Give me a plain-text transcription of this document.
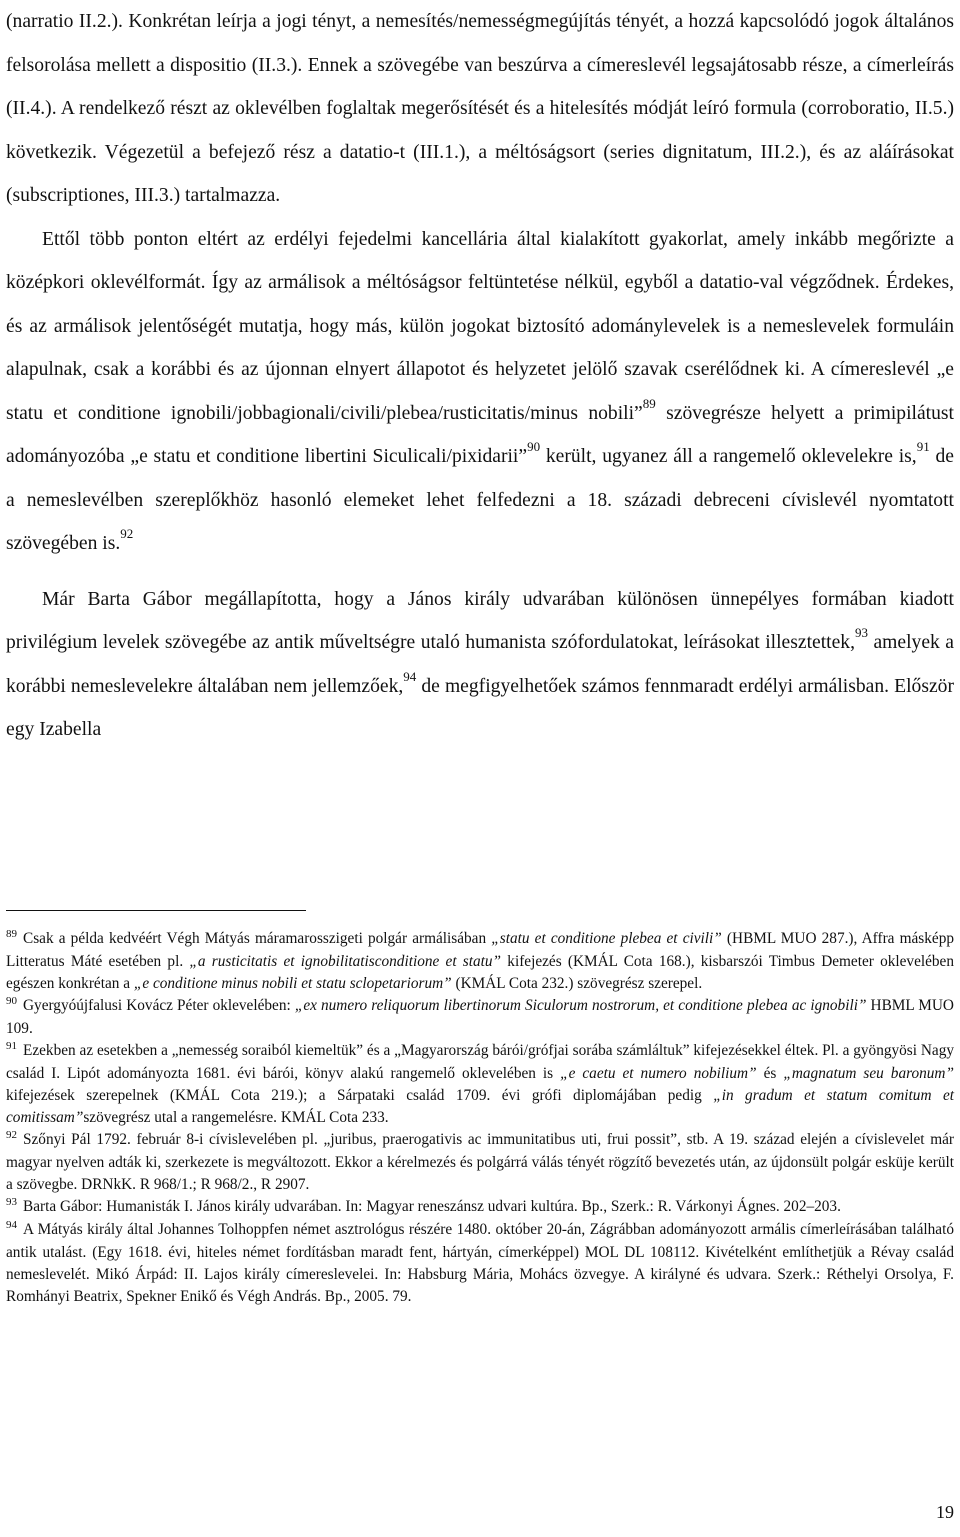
(narratio II.2.). Konkrétan leírja a jogi tényt, a nemesítés/nemességmegújítás tényét, a hozzá kapcsolódó jogok általános felsorolása mellett a dispositio (II.3.). Ennek a szövegébe van beszúrva a címereslevél legsajátosabb része, a címerleírás (II.4.). A rendelkező részt az oklevélben foglaltak megerősítését és a hitelesítés módját leíró formula (corroboratio, II.5.) következik. Végezetül a befejező rész a datatio-t (III.1.), a méltóságsort (series dignitatum, III.2.), és az aláírásokat (subscriptiones, III.3.) tartalmazza.

Ettől több ponton eltért az erdélyi fejedelmi kancellária által kialakított gyakorlat, amely inkább megőrizte a középkori oklevélformát. Így az armálisok a méltóságsor feltüntetése nélkül, egyből a datatio-val végződnek. Érdekes, és az armálisok jelentőségét mutatja, hogy más, külön jogokat biztosító adománylevelek is a nemeslevelek formuláin alapulnak, csak a korábbi és az újonnan elnyert állapotot és helyzetet jelölő szavak cserélődnek ki. A címereslevél „e statu et conditione ignobili/jobbagionali/civili/plebea/rusticitatis/minus nobili”$^{89}$ szövegrésze helyett a primipilátust adományozóba „e statu et conditione libertini Siculicali/pixidarii”$^{90}$ került, ugyanez áll a rangemelő oklevelekre is,$^{91}$ de a nemeslevélben szereplőkhöz hasonló elemeket lehet felfedezni a 18. századi debreceni cívislevél nyomtatott szövegében is.$^{92}$

Már Barta Gábor megállapította, hogy a János király udvarában különösen ünnepélyes formában kiadott privilégium levelek szövegébe az antik műveltségre utaló humanista szófordulatokat, leírásokat illesztettek,$^{93}$ amelyek a korábbi nemeslevelekre általában nem jellemzőek,$^{94}$ de megfigyelhetőek számos fennmaradt erdélyi armálisban. Először egy Izabella

$^{89}$ Csak a példa kedvéért Végh Mátyás máramarosszigeti polgár armálisában „statu et conditione plebea et civili” (HBML MUO 287.), Affra másképp Litteratus Máté esetében pl. „a rusticitatis et ignobilitatisconditione et statu” kifejezés (KMÁL Cota 168.), kisbarszói Timbus Demeter oklevelében egészen konkrétan a „e conditione minus nobili et statu sclopetariorum” (KMÁL Cota 232.) szövegrész szerepel.

$^{90}$ Gyergyóújfalusi Kovácz Péter oklevelében: „ex numero reliquorum libertinorum Siculorum nostrorum, et conditione plebea ac ignobili” HBML MUO 109.

$^{91}$ Ezekben az esetekben a „nemesség soraiból kiemeltük” és a „Magyarország bárói/grófjai sorába számláltuk” kifejezésekkel éltek. Pl. a gyöngyösi Nagy család I. Lipót adományozta 1681. évi bárói, könyv alakú rangemelő oklevelében is „e caetu et numero nobilium” és „magnatum seu baronum” kifejezések szerepelnek (KMÁL Cota 219.); a Sárpataki család 1709. évi grófi diplomájában pedig „in gradum et statum comitum et comitissam”szövegrész utal a rangemelésre. KMÁL Cota 233.

$^{92}$ Szőnyi Pál 1792. február 8-i cívislevelében pl. „juribus, praerogativis ac immunitatibus uti, frui possit”, stb. A 19. század elején a cívislevelet már magyar nyelven adták ki, szerkezete is megváltozott. Ekkor a kérelmezés és polgárrá válás tényét rögzítő bevezetés után, az újdonsült polgár esküje került a szövegbe. DRNkK. R 968/1.; R 968/2., R 2907.

$^{93}$ Barta Gábor: Humanisták I. János király udvarában. In: Magyar reneszánsz udvari kultúra. Bp., Szerk.: R. Várkonyi Ágnes. 202–203.

$^{94}$ A Mátyás király által Johannes Tolhoppfen német asztrológus részére 1480. október 20-án, Zágrábban adományozott armális címerleírásában található antik utalást. (Egy 1618. évi, hiteles német fordításban maradt fent, hártyán, címerképpel) MOL DL 108112. Kivételként említhetjük a Révay család nemeslevelét. Mikó Árpád: II. Lajos király címereslevelei. In: Habsburg Mária, Mohács özvegye. A királyné és udvara. Szerk.: Réthelyi Orsolya, F. Romhányi Beatrix, Spekner Enikő és Végh András. Bp., 2005. 79.

19
